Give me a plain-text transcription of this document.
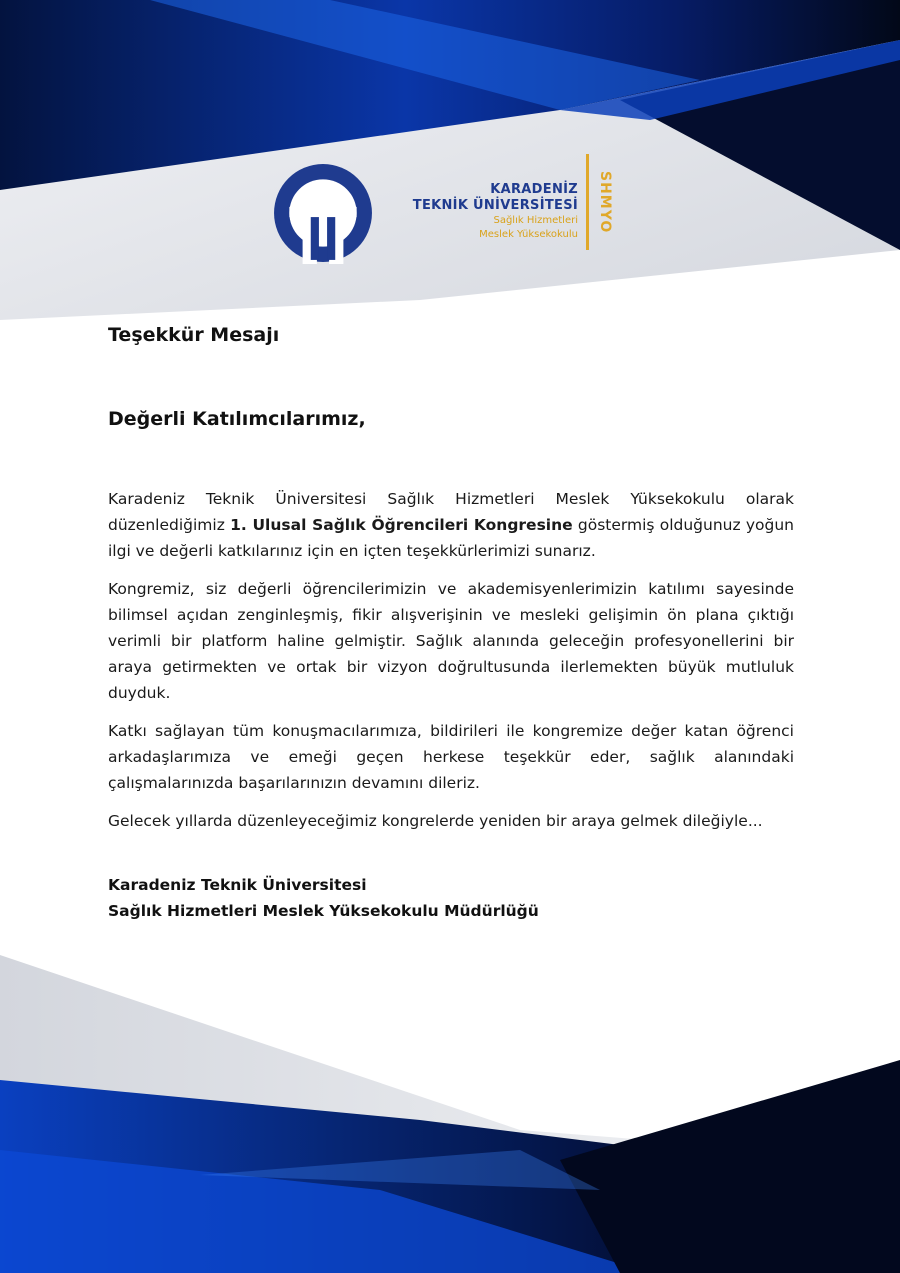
KARADENİZ
TEKNİK ÜNİVERSİTESİ
Sağlık Hizmetleri
Meslek Yüksekokulu
SHMYO
Teşekkür Mesajı
Değerli Katılımcılarımız,

Karadeniz Teknik Üniversitesi Sağlık Hizmetleri Meslek Yüksekokulu olarak düzenlediğimiz 1. Ulusal Sağlık Öğrencileri Kongresine göstermiş olduğunuz yoğun ilgi ve değerli katkılarınız için en içten teşekkürlerimizi sunarız.

Kongremiz, siz değerli öğrencilerimizin ve akademisyenlerimizin katılımı sayesinde bilimsel açıdan zenginleşmiş, fikir alışverişinin ve mesleki gelişimin ön plana çıktığı verimli bir platform haline gelmiştir. Sağlık alanında geleceğin profesyonellerini bir araya getirmekten ve ortak bir vizyon doğrultusunda ilerlemekten büyük mutluluk duyduk.

Katkı sağlayan tüm konuşmacılarımıza, bildirileri ile kongremize değer katan öğrenci arkadaşlarımıza ve emeği geçen herkese teşekkür eder, sağlık alanındaki çalışmalarınızda başarılarınızın devamını dileriz.

Gelecek yıllarda düzenleyeceğimiz kongrelerde yeniden bir araya gelmek dileğiyle...

Karadeniz Teknik Üniversitesi
Sağlık Hizmetleri Meslek Yüksekokulu Müdürlüğü
